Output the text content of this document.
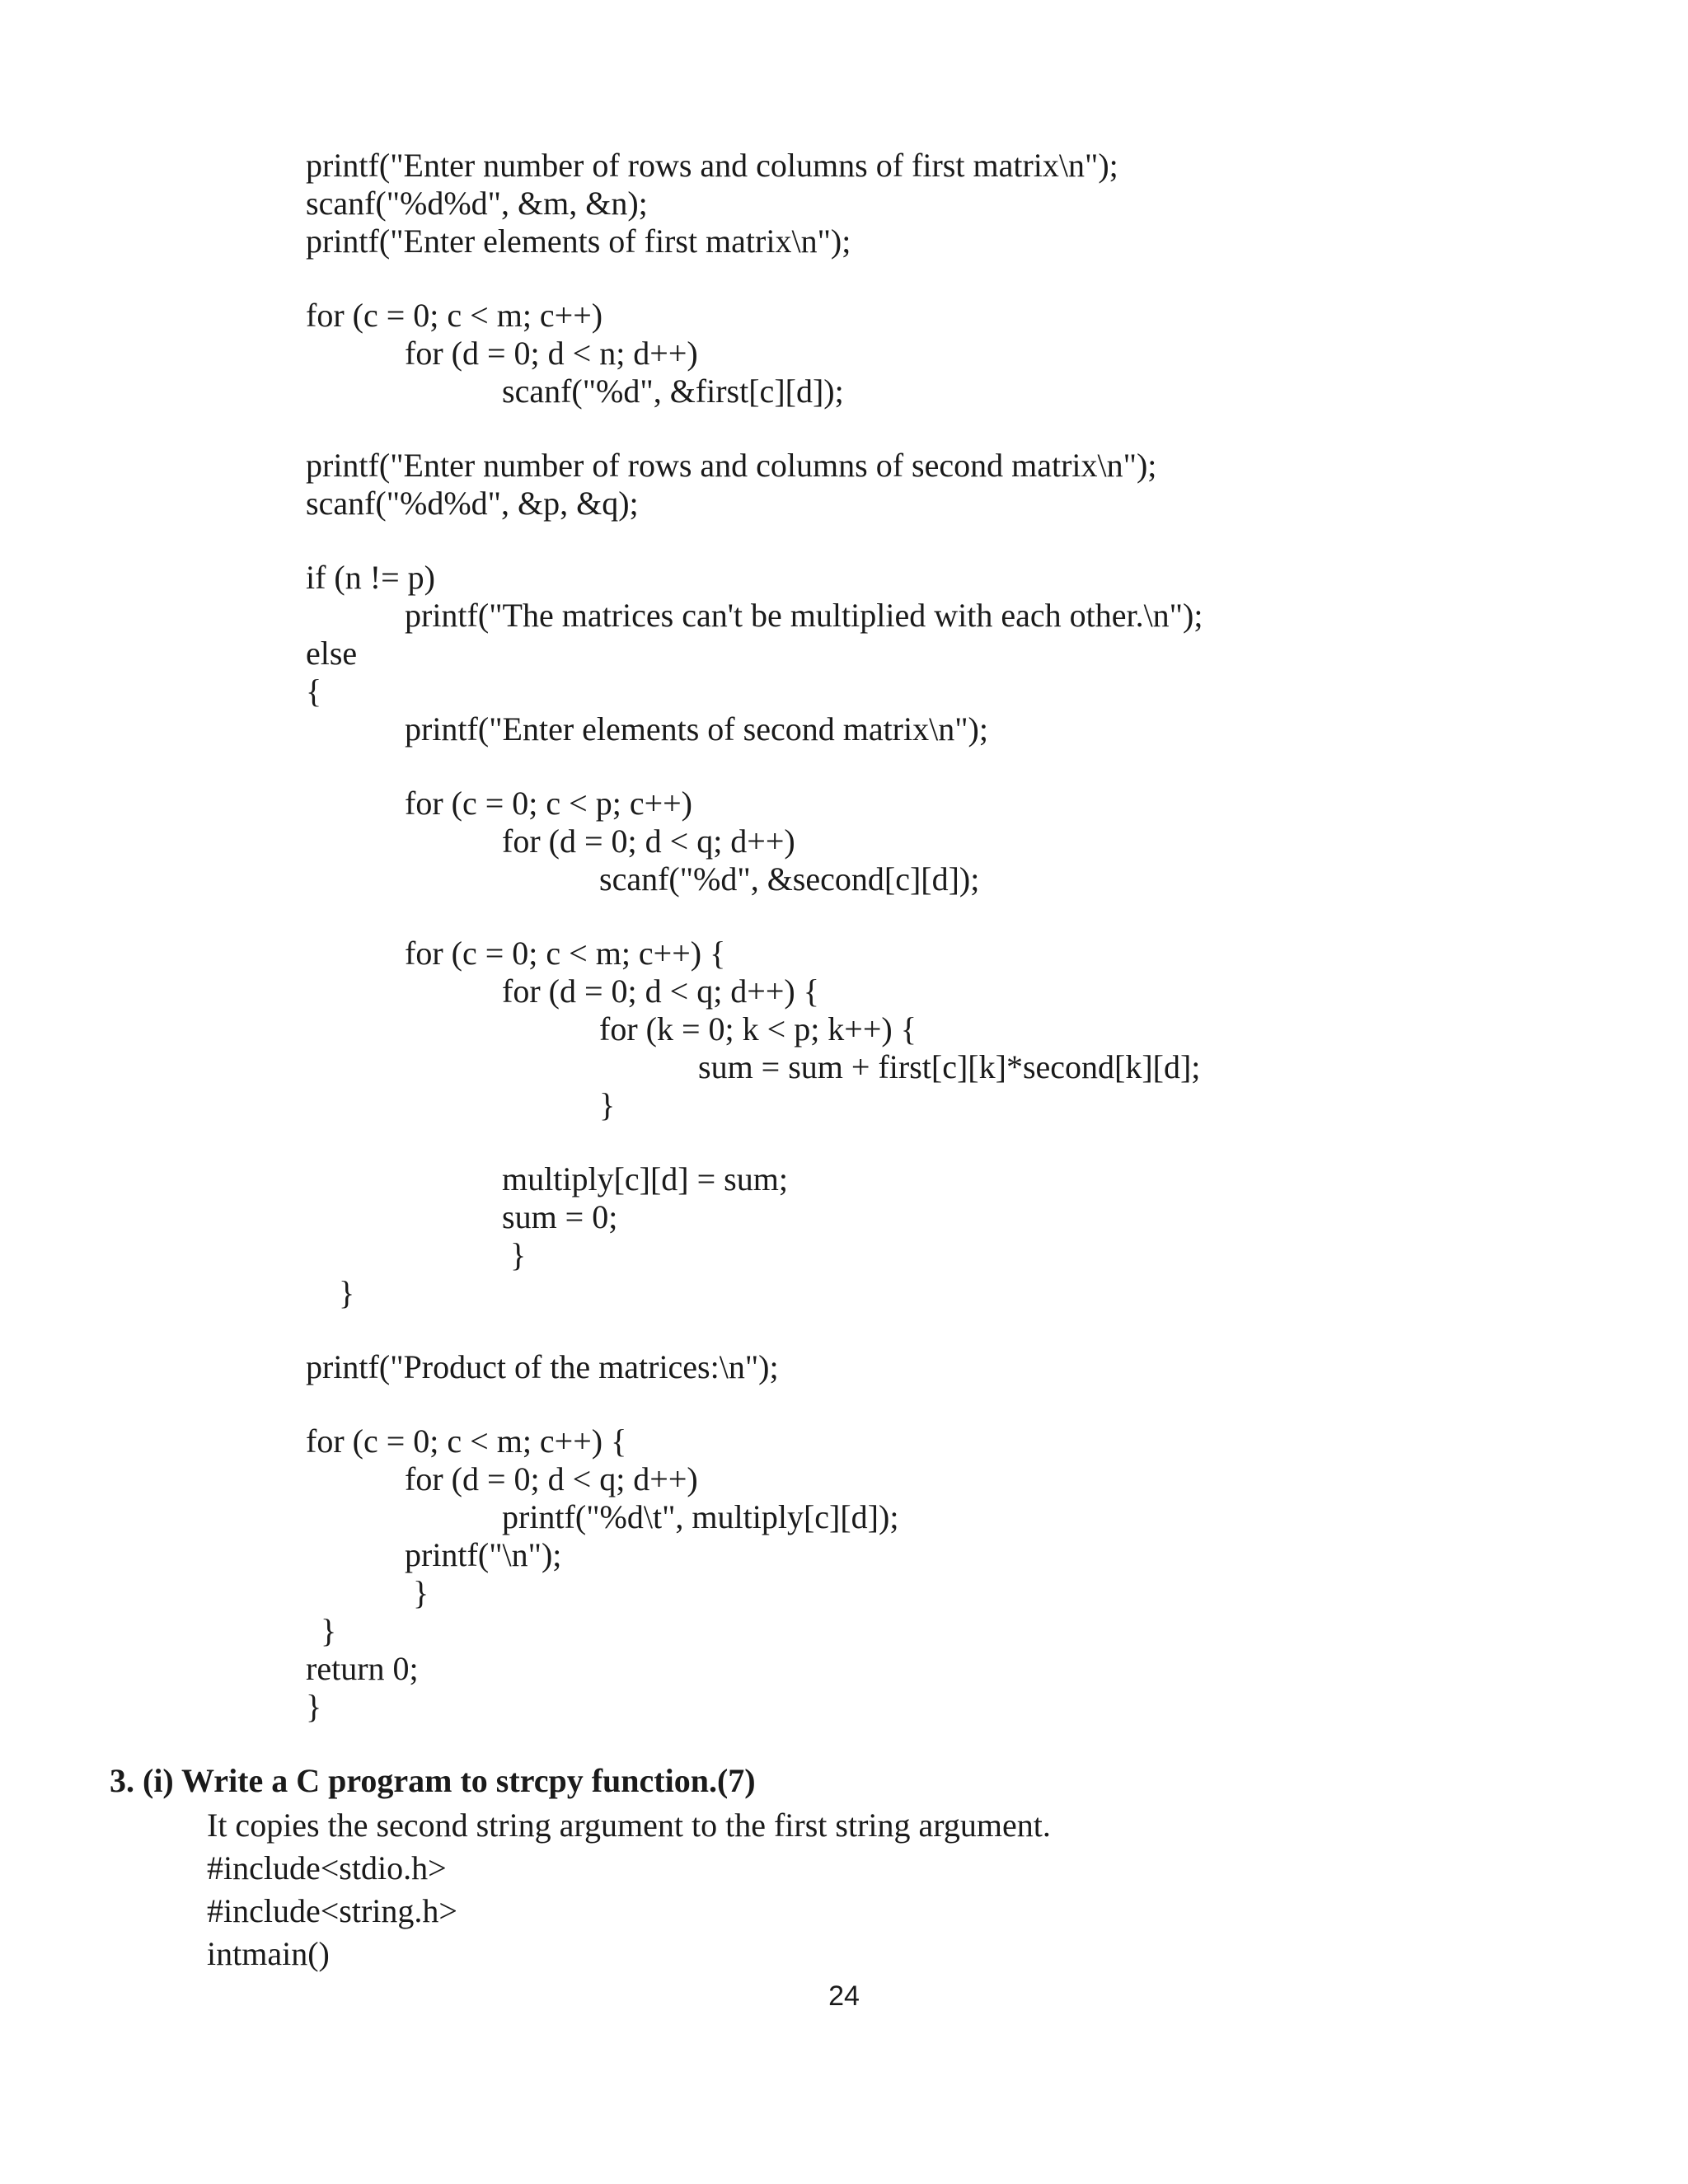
printf("Enter number of rows and columns of first matrix\n");
scanf("%d%d", &m, &n);
printf("Enter elements of first matrix\n");
for (c = 0; c < m; c++)
for (d = 0; d < n; d++)
scanf("%d", &first[c][d]);
printf("Enter number of rows and columns of second matrix\n");
scanf("%d%d", &p, &q);
if (n != p)
printf("The matrices can't be multiplied with each other.\n");
else
{
printf("Enter elements of second matrix\n");
for (c = 0; c < p; c++)
for (d = 0; d < q; d++)
scanf("%d", &second[c][d]);
for (c = 0; c < m; c++) {
for (d = 0; d < q; d++) {
for (k = 0; k < p; k++) {
sum = sum + first[c][k]*second[k][d];
}
multiply[c][d] = sum;
sum = 0;
}
}
printf("Product of the matrices:\n");
for (c = 0; c < m; c++) {
for (d = 0; d < q; d++)
printf("%d\t", multiply[c][d]);
printf("\n");
}
}
return 0;
}
3. (i) Write a C program to strcpy function.(7)
It copies the second string argument to the first string argument.
#include<stdio.h>
#include<string.h>
intmain()
24
